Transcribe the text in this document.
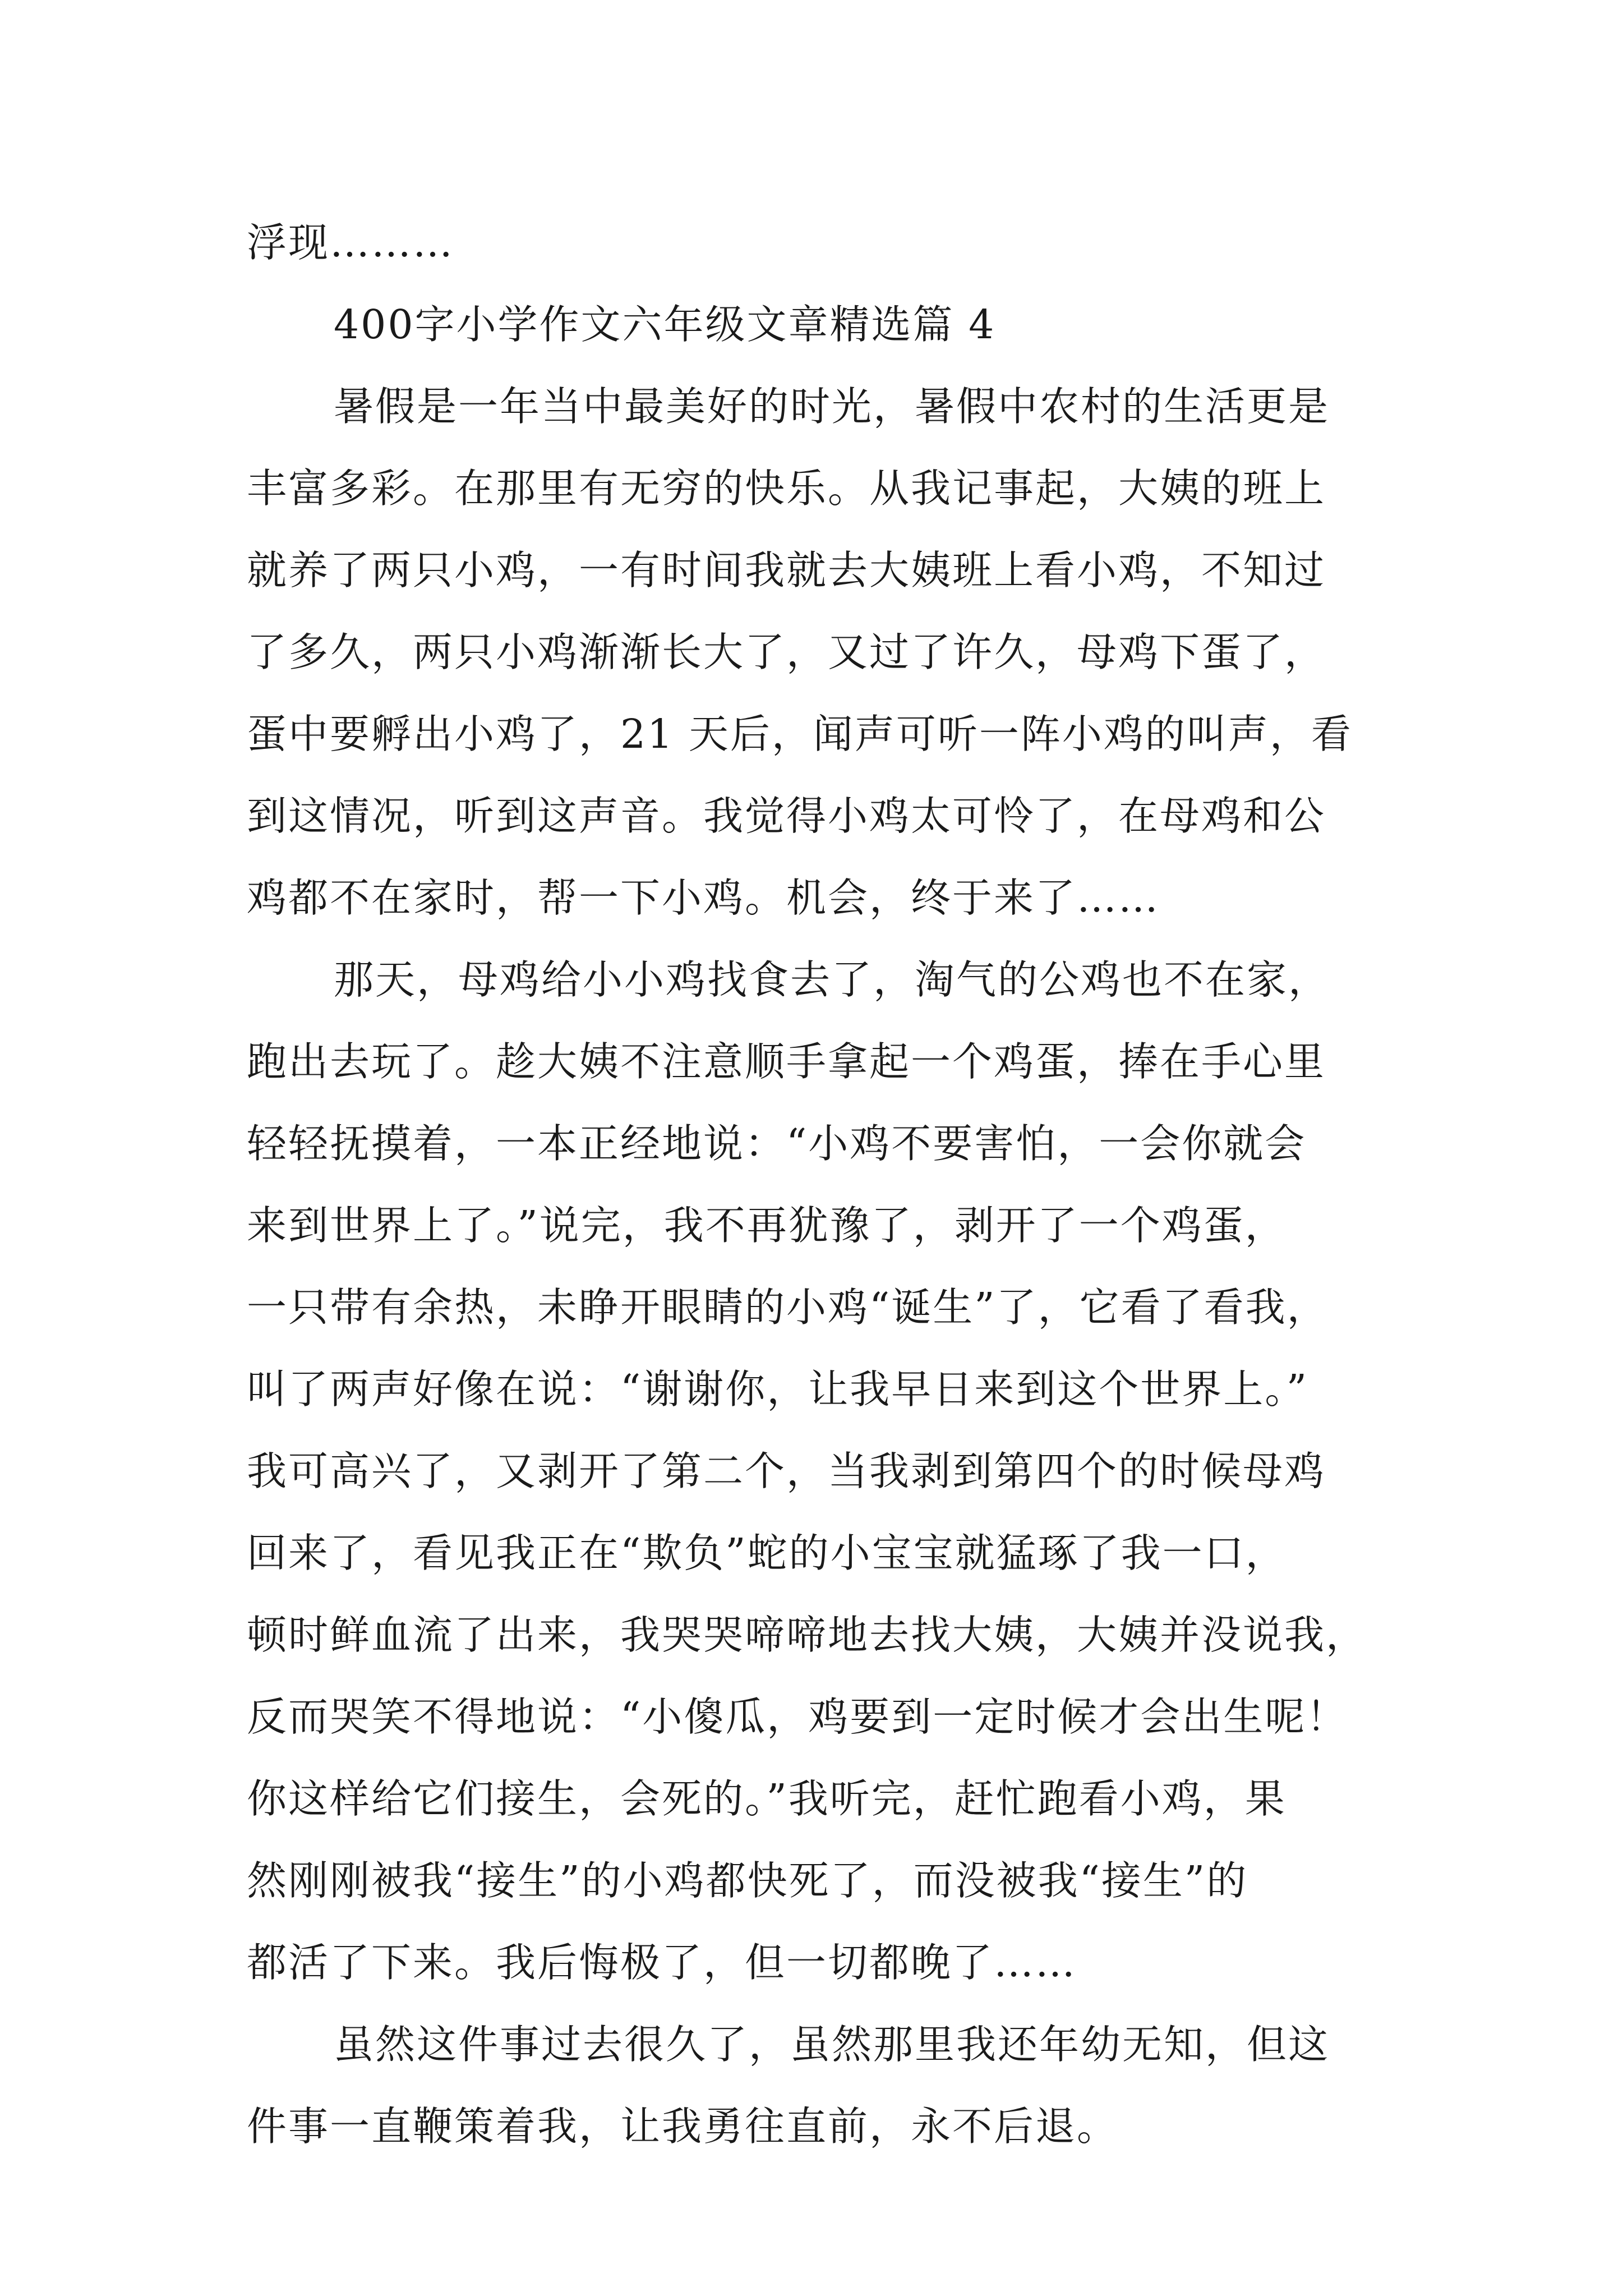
浮现………
400字小学作文六年级文章精选篇 4
暑假是一年当中最美好的时光，暑假中农村的生活更是
丰富多彩。在那里有无穷的快乐。从我记事起，大姨的班上
就养了两只小鸡，一有时间我就去大姨班上看小鸡，不知过
了多久，两只小鸡渐渐长大了，又过了许久，母鸡下蛋了，
蛋中要孵出小鸡了，21 天后，闻声可听一阵小鸡的叫声，看
到这情况，听到这声音。我觉得小鸡太可怜了，在母鸡和公
鸡都不在家时，帮一下小鸡。机会，终于来了……
那天，母鸡给小小鸡找食去了，淘气的公鸡也不在家，
跑出去玩了。趁大姨不注意顺手拿起一个鸡蛋，捧在手心里
轻轻抚摸着，一本正经地说：“小鸡不要害怕，一会你就会
来到世界上了。”说完，我不再犹豫了，剥开了一个鸡蛋，
一只带有余热，未睁开眼睛的小鸡“诞生”了，它看了看我，
叫了两声好像在说：“谢谢你，让我早日来到这个世界上。”
我可高兴了，又剥开了第二个，当我剥到第四个的时候母鸡
回来了，看见我正在“欺负”蛇的小宝宝就猛琢了我一口，
顿时鲜血流了出来，我哭哭啼啼地去找大姨，大姨并没说我，
反而哭笑不得地说：“小傻瓜，鸡要到一定时候才会出生呢！
你这样给它们接生，会死的。”我听完，赶忙跑看小鸡，果
然刚刚被我“接生”的小鸡都快死了，而没被我“接生”的
都活了下来。我后悔极了，但一切都晚了……
虽然这件事过去很久了，虽然那里我还年幼无知，但这
件事一直鞭策着我，让我勇往直前，永不后退。
